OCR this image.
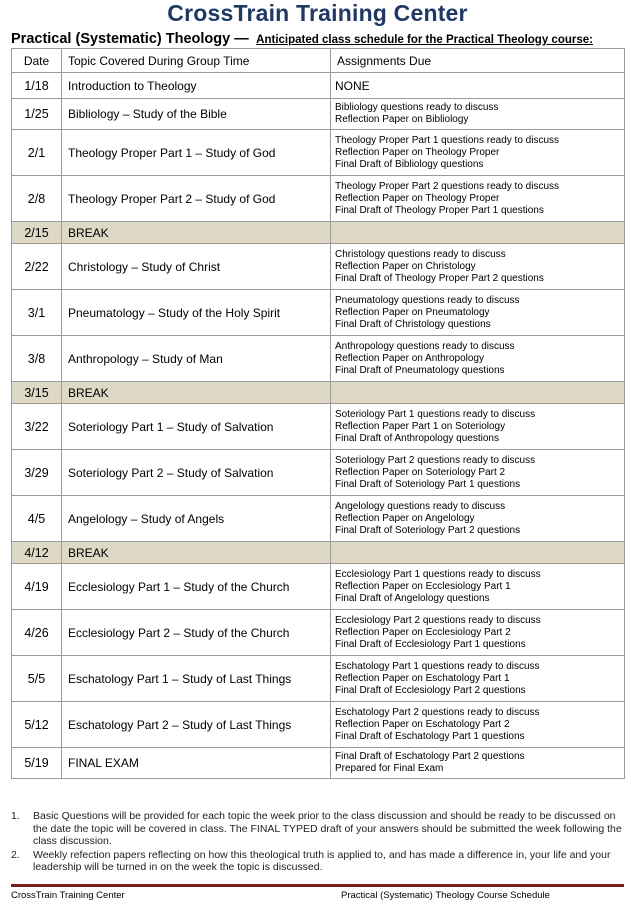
CrossTrain Training Center
Practical (Systematic) Theology — Anticipated class schedule for the Practical Theology course:
Date	Topic Covered During Group Time	Assignments Due
1/18	Introduction to Theology	NONE

1/25	Bibliology – Study of the Bible	Bibliology questions ready to discuss
Reflection Paper on Bibliology

2/1	Theology Proper Part 1 – Study of God	Theology Proper Part 1 questions ready to discuss
Reflection Paper on Theology Proper
Final Draft of Bibliology questions

2/8	Theology Proper Part 2 – Study of God	Theology Proper Part 2 questions ready to discuss
Reflection Paper on Theology Proper
Final Draft of Theology Proper Part 1 questions

2/15	BREAK	
2/22	Christology – Study of Christ	Christology questions ready to discuss
Reflection Paper on Christology
Final Draft of Theology Proper Part 2 questions

3/1	Pneumatology – Study of the Holy Spirit	Pneumatology questions ready to discuss
Reflection Paper on Pneumatology
Final Draft of Christology questions

3/8	Anthropology – Study of Man	Anthropology questions ready to discuss
Reflection Paper on Anthropology
Final Draft of Pneumatology questions

3/15	BREAK	
3/22	Soteriology Part 1 – Study of Salvation	Soteriology Part 1 questions ready to discuss
Reflection Paper Part 1 on Soteriology
Final Draft of Anthropology questions

3/29	Soteriology Part 2 – Study of Salvation	Soteriology Part 2 questions ready to discuss
Reflection Paper on Soteriology Part 2
Final Draft of Soteriology Part 1 questions

4/5	Angelology – Study of Angels	Angelology questions ready to discuss
Reflection Paper on Angelology
Final Draft of Soteriology Part 2 questions

4/12	BREAK	
4/19	Ecclesiology Part 1 – Study of the Church	Ecclesiology Part 1 questions ready to discuss
Reflection Paper on Ecclesiology Part 1
Final Draft of Angelology questions

4/26	Ecclesiology Part 2 – Study of the Church	Ecclesiology Part 2 questions ready to discuss
Reflection Paper on Ecclesiology Part 2
Final Draft of Ecclesiology Part 1 questions

5/5	Eschatology Part 1 – Study of Last Things	Eschatology Part 1 questions ready to discuss
Reflection Paper on Eschatology Part 1
Final Draft of Ecclesiology Part 2 questions

5/12	Eschatology Part 2 – Study of Last Things	Eschatology Part 2 questions ready to discuss
Reflection Paper on Eschatology Part 2
Final Draft of Eschatology Part 1 questions

5/19	FINAL EXAM	Final Draft of Eschatology Part 2 questions
Prepared for Final Exam
1.	Basic Questions will be provided for each topic the week prior to the class discussion and should be ready to be discussed on the date the topic will be covered in class. The FINAL TYPED draft of your answers should be submitted the week following the class discussion.
2.	Weekly refection papers reflecting on how this theological truth is applied to, and has made a difference in, your life and your leadership will be turned in on the week the topic is discussed.
CrossTrain Training Center	Practical (Systematic) Theology Course Schedule
